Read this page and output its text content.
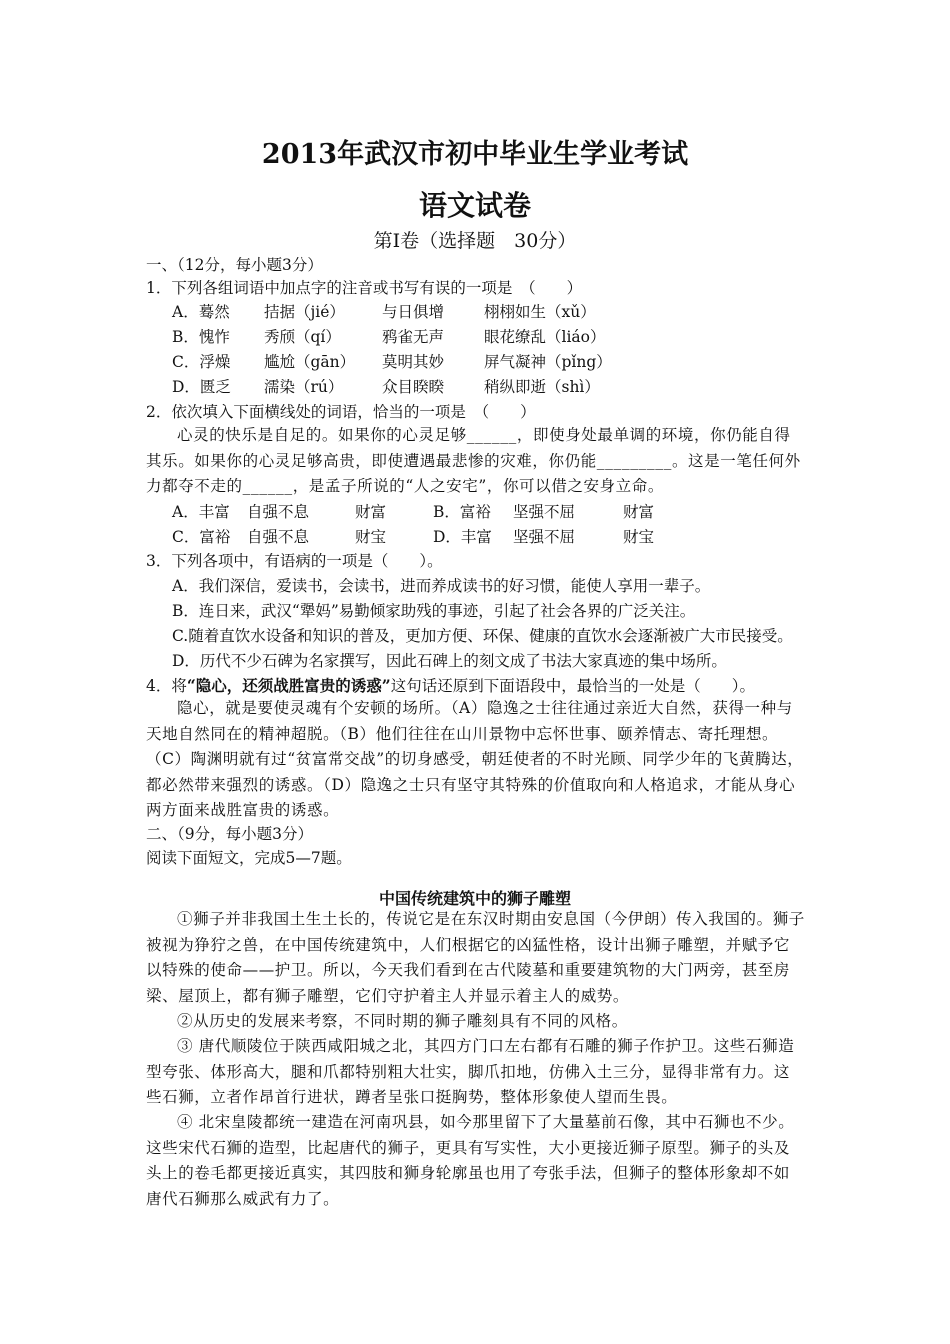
2013年武汉市初中毕业生学业考试
语文试卷
第Ⅰ卷（选择题　30分）
一、（12分，每小题3分）
1．下列各组词语中加点字的注音或书写有误的一项是　（　　）
A．蓦然 拮据（jié） 与日俱增	栩栩如生（xǔ）
B．愧怍 秀颀（qí）	鸦雀无声	眼花缭乱（liáo）
C．浮燥 尴尬（gān） 莫明其妙	屏气凝神（pǐng）
D．匮乏 濡染（rú） 众目睽睽	稍纵即逝（shì）
2．依次填入下面横线处的词语，恰当的一项是　（　　）
心灵的快乐是自足的。如果你的心灵足够______，即使身处最单调的环境，你仍能自得其乐。如果你的心灵足够高贵，即使遭遇最悲惨的灾难，你仍能_________。这是一笔任何外力都夺不走的______，是孟子所说的“人之安宅”，你可以借之安身立命。
A．丰富 自强不息	财富	B．富裕 坚强不屈	财富
C．富裕 自强不息	财宝	D．丰富 坚强不屈	财宝
3．下列各项中，有语病的一项是（　　）。
A．我们深信，爱读书，会读书，进而养成读书的好习惯，能使人享用一辈子。
B．连日来，武汉“犟妈”易勤倾家助残的事迹，引起了社会各界的广泛关注。
C.随着直饮水设备和知识的普及，更加方便、环保、健康的直饮水会逐渐被广大市民接受。
D．历代不少石碑为名家撰写，因此石碑上的刻文成了书法大家真迹的集中场所。
4．将“隐心，还须战胜富贵的诱惑”这句话还原到下面语段中，最恰当的一处是（　　）。
隐心，就是要使灵魂有个安顿的场所。（A）隐逸之士往往通过亲近大自然，获得一种与天地自然同在的精神超脱。（B）他们往往在山川景物中忘怀世事、颐养情志、寄托理想。（C）陶渊明就有过“贫富常交战”的切身感受，朝廷使者的不时光顾、同学少年的飞黄腾达，都必然带来强烈的诱惑。（D）隐逸之士只有坚守其特殊的价值取向和人格追求，才能从身心两方面来战胜富贵的诱惑。
二、（9分，每小题3分）
阅读下面短文，完成5—7题。
中国传统建筑中的狮子雕塑
①狮子并非我国土生土长的，传说它是在东汉时期由安息国（今伊朗）传入我国的。狮子被视为狰狞之兽，在中国传统建筑中，人们根据它的凶猛性格，设计出狮子雕塑，并赋予它以特殊的使命——护卫。所以，今天我们看到在古代陵墓和重要建筑物的大门两旁，甚至房梁、屋顶上，都有狮子雕塑，它们守护着主人并显示着主人的威势。
②从历史的发展来考察，不同时期的狮子雕刻具有不同的风格。
③ 唐代顺陵位于陕西咸阳城之北，其四方门口左右都有石雕的狮子作护卫。这些石狮造型夸张、体形高大，腿和爪都特别粗大壮实，脚爪扣地，仿佛入土三分，显得非常有力。这些石狮，立者作昂首行进状，蹲者呈张口挺胸势，整体形象使人望而生畏。
④ 北宋皇陵都统一建造在河南巩县，如今那里留下了大量墓前石像，其中石狮也不少。这些宋代石狮的造型，比起唐代的狮子，更具有写实性，大小更接近狮子原型。狮子的头及头上的卷毛都更接近真实，其四肢和狮身轮廓虽也用了夸张手法，但狮子的整体形象却不如唐代石狮那么威武有力了。
